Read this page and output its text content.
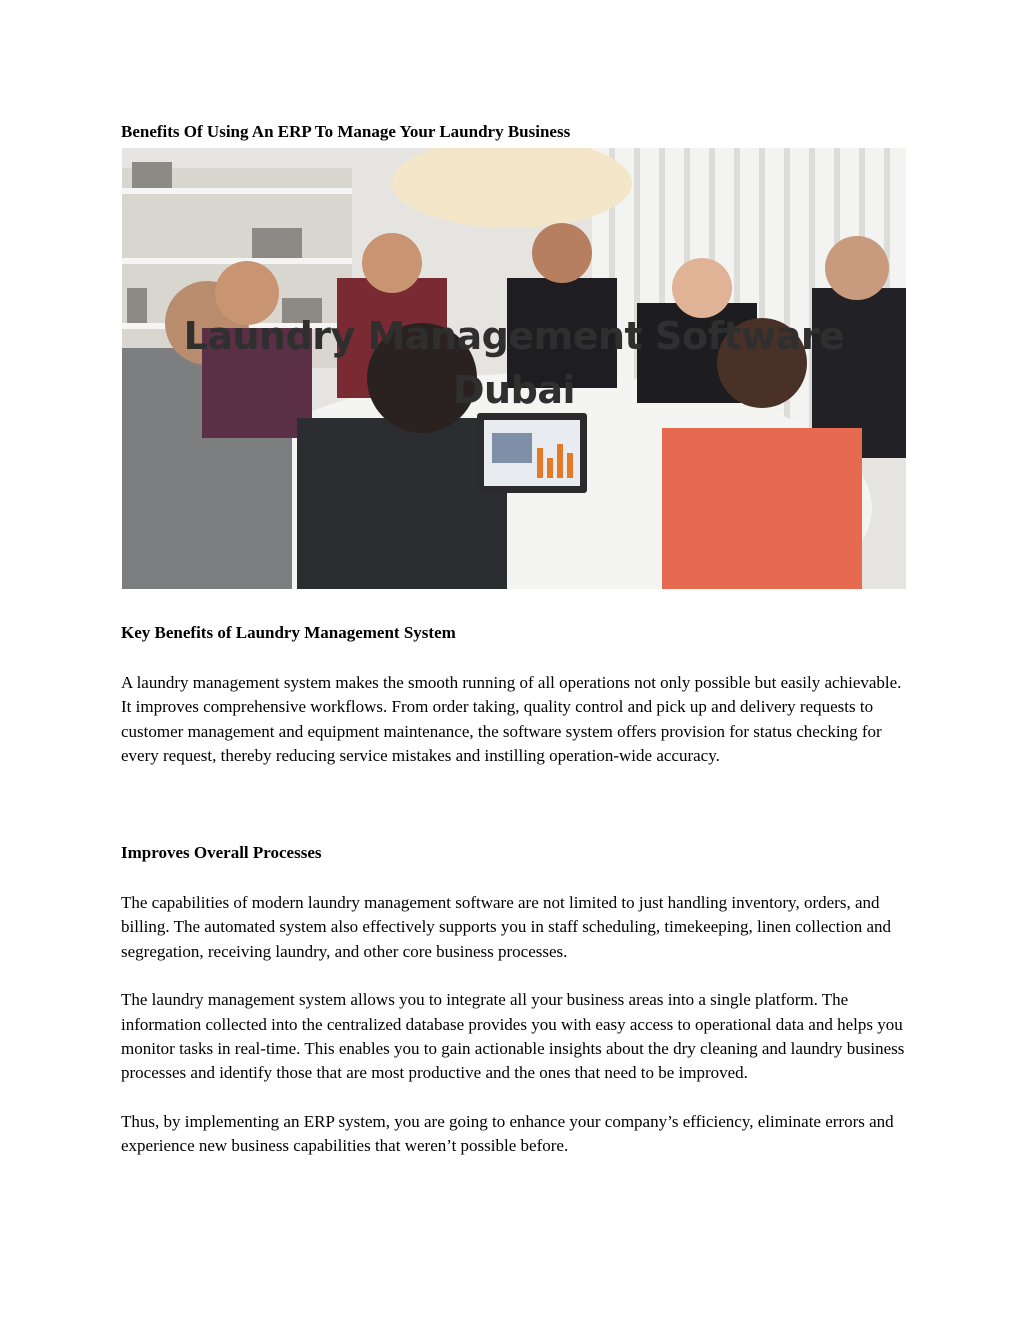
Benefits Of Using An ERP To Manage Your Laundry Business
Laundry Management Software
Dubai
Key Benefits of Laundry Management System

A laundry management system makes the smooth running of all operations not only possible but easily achievable. It improves comprehensive workflows. From order taking, quality control and pick up and delivery requests to customer management and equipment maintenance, the software system offers provision for status checking for every request, thereby reducing service mistakes and instilling operation-wide accuracy.

Improves Overall Processes

The capabilities of modern laundry management software are not limited to just handling inventory, orders, and billing. The automated system also effectively supports you in staff scheduling, timekeeping, linen collection and segregation, receiving laundry, and other core business processes.

The laundry management system allows you to integrate all your business areas into a single platform. The information collected into the centralized database provides you with easy access to operational data and helps you monitor tasks in real-time. This enables you to gain actionable insights about the dry cleaning and laundry business processes and identify those that are most productive and the ones that need to be improved.

Thus, by implementing an ERP system, you are going to enhance your company’s efficiency, eliminate errors and experience new business capabilities that weren’t possible before.
